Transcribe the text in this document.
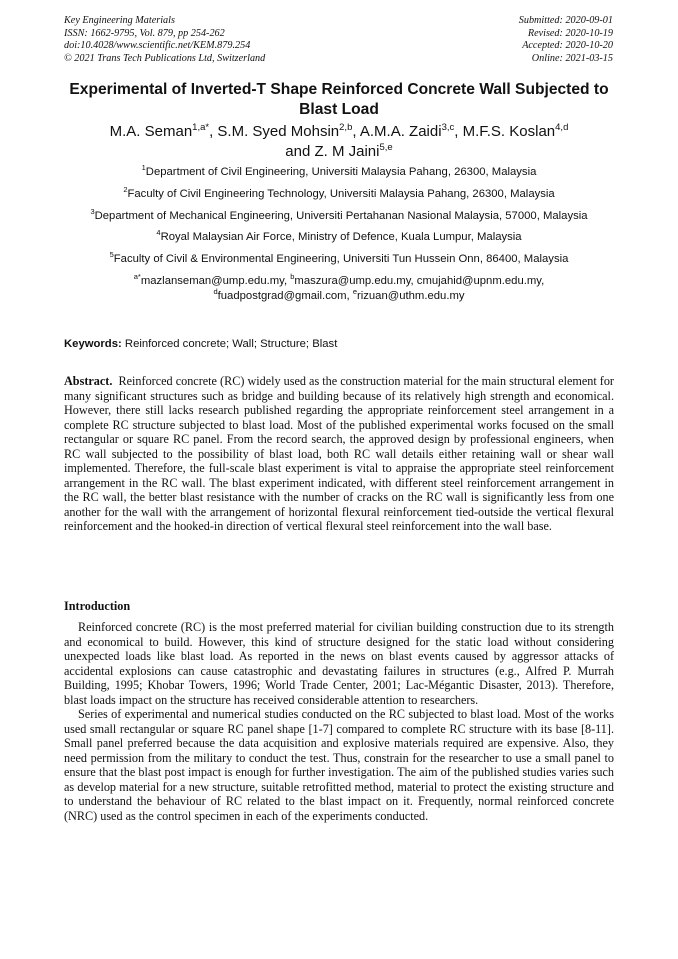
Key Engineering Materials
ISSN: 1662-9795, Vol. 879, pp 254-262
doi:10.4028/www.scientific.net/KEM.879.254
© 2021 Trans Tech Publications Ltd, Switzerland
Submitted: 2020-09-01
Revised: 2020-10-19
Accepted: 2020-10-20
Online: 2021-03-15
Experimental of Inverted-T Shape Reinforced Concrete Wall Subjected to Blast Load
M.A. Seman$^{1,a*}$, S.M. Syed Mohsin$^{2,b}$, A.M.A. Zaidi$^{3,c}$, M.F.S. Koslan$^{4,d}$
and Z. M Jaini$^{5,e}$
$^1$Department of Civil Engineering, Universiti Malaysia Pahang, 26300, Malaysia
$^2$Faculty of Civil Engineering Technology, Universiti Malaysia Pahang, 26300, Malaysia
$^3$Department of Mechanical Engineering, Universiti Pertahanan Nasional Malaysia, 57000, Malaysia
$^4$Royal Malaysian Air Force, Ministry of Defence, Kuala Lumpur, Malaysia
$^5$Faculty of Civil & Environmental Engineering, Universiti Tun Hussein Onn, 86400, Malaysia
$^{a*}$mazlanseman@ump.edu.my, $^b$maszura@ump.edu.my, cmujahid@upnm.edu.my,
$^d$fuadpostgrad@gmail.com, $^e$rizuan@uthm.edu.my
Keywords: Reinforced concrete; Wall; Structure; Blast

Abstract.  Reinforced concrete (RC) widely used as the construction material for the main structural element for many significant structures such as bridge and building because of its relatively high strength and economical. However, there still lacks research published regarding the appropriate reinforcement steel arrangement in a complete RC structure subjected to blast load. Most of the published experimental works focused on the small rectangular or square RC panel. From the record search, the approved design by professional engineers, when RC wall subjected to the possibility of blast load, both RC wall details either retaining wall or shear wall implemented. Therefore, the full-scale blast experiment is vital to appraise the appropriate steel reinforcement arrangement in the RC wall. The blast experiment indicated, with different steel reinforcement arrangement in the RC wall, the better blast resistance with the number of cracks on the RC wall is significantly less from one another for the wall with the arrangement of horizontal flexural reinforcement tied-outside the vertical flexural reinforcement and the hooked-in direction of vertical flexural steel reinforcement into the wall base.

Introduction

Reinforced concrete (RC) is the most preferred material for civilian building construction due to its strength and economical to build. However, this kind of structure designed for the static load without considering unexpected loads like blast load. As reported in the news on blast events caused by aggressor attacks of accidental explosions can cause catastrophic and devastating failures in structures (e.g., Alfred P. Murrah Building, 1995; Khobar Towers, 1996; World Trade Center, 2001; Lac-Mégantic Disaster, 2013). Therefore, blast loads impact on the structure has received considerable attention to researchers.

Series of experimental and numerical studies conducted on the RC subjected to blast load. Most of the works used small rectangular or square RC panel shape [1-7] compared to complete RC structure with its base [8-11]. Small panel preferred because the data acquisition and explosive materials required are expensive. Also, they need permission from the military to conduct the test. Thus, constrain for the researcher to use a small panel to ensure that the blast post impact is enough for further investigation. The aim of the published studies varies such as develop material for a new structure, suitable retrofitted method, material to protect the existing structure and to understand the behaviour of RC related to the blast impact on it. Frequently, normal reinforced concrete (NRC) used as the control specimen in each of the experiments conducted.
